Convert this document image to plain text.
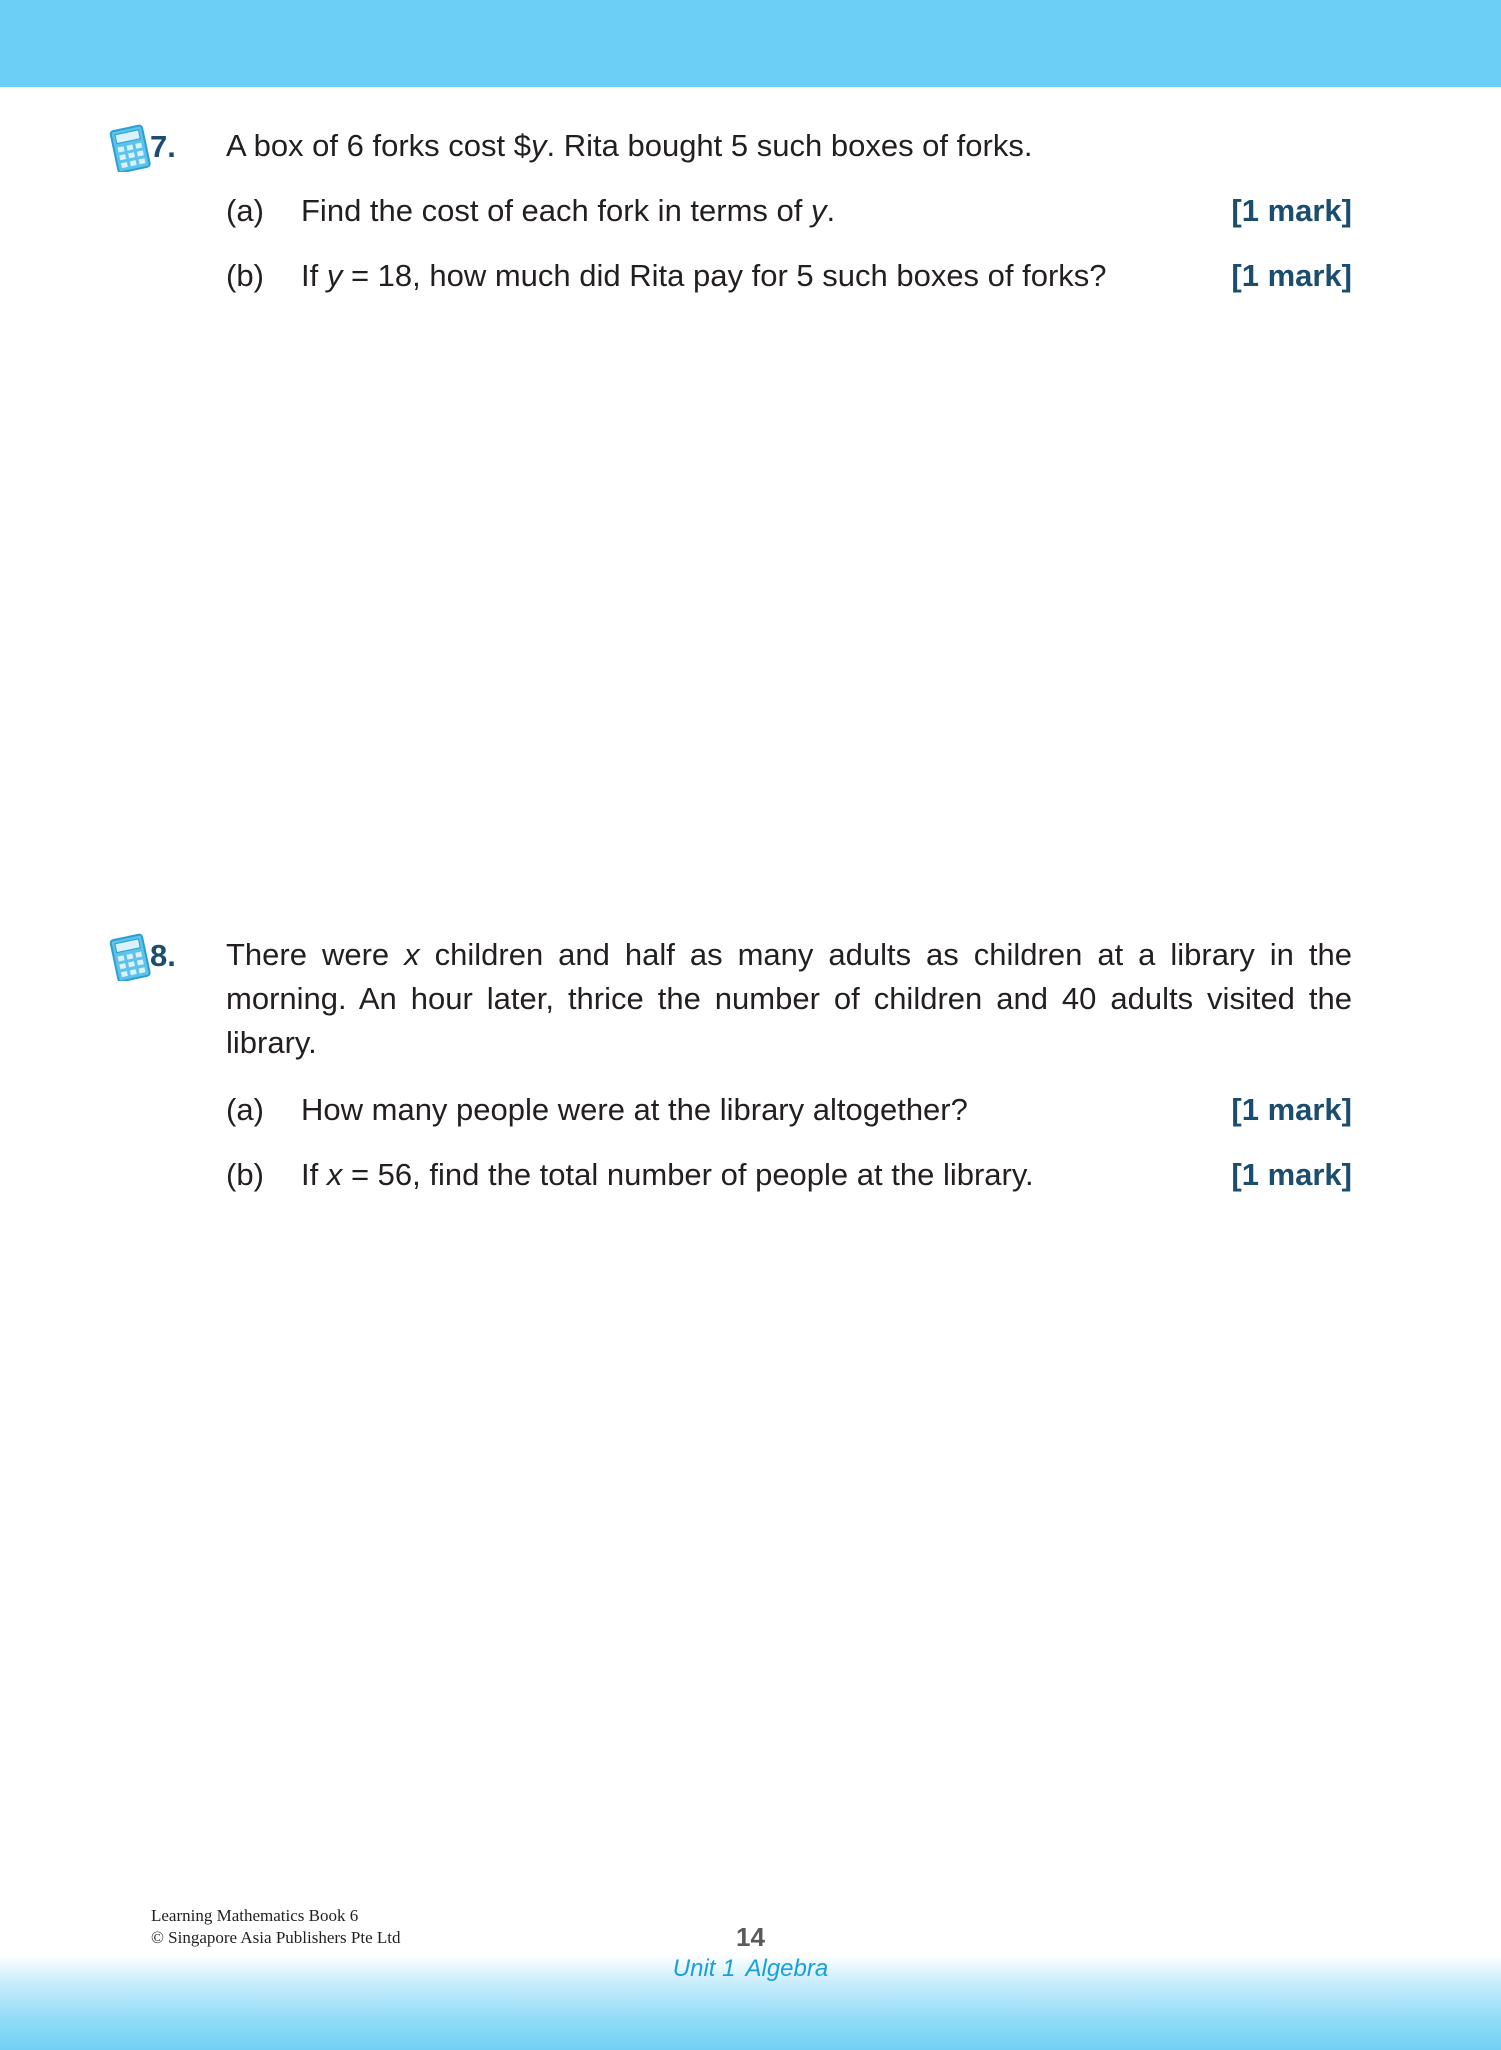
7. A box of 6 forks cost $y. Rita bought 5 such boxes of forks.
(a) Find the cost of each fork in terms of y.	[1 mark]
(b) If y = 18, how much did Rita pay for 5 such boxes of forks?	[1 mark]
8. There were x children and half as many adults as children at a library in the morning. An hour later, thrice the number of children and 40 adults visited the library.
(a) How many people were at the library altogether?	[1 mark]
(b) If x = 56, find the total number of people at the library.	[1 mark]
Learning Mathematics Book 6
© Singapore Asia Publishers Pte Ltd	14
Unit 1 Algebra
